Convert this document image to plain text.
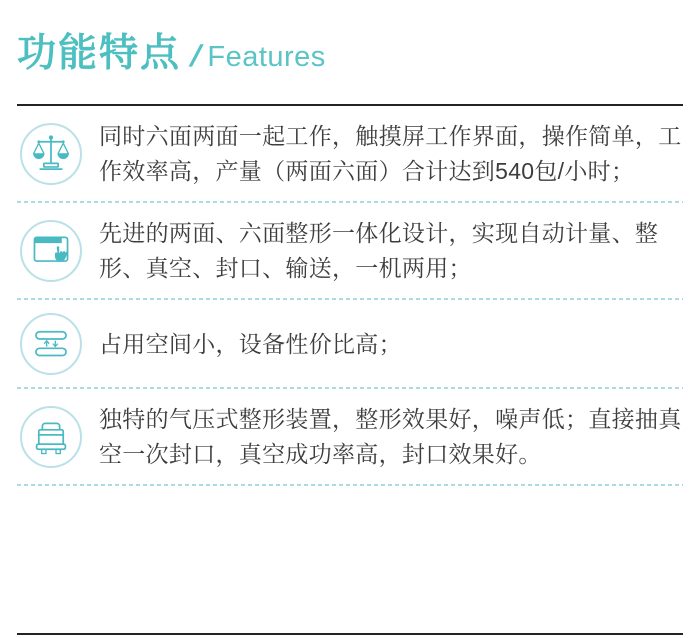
功能特点 / Features
同时六面两面一起工作，触摸屏工作界面，操作简单，工作效率高，产量（两面六面）合计达到540包/小时；
先进的两面、六面整形一体化设计，实现自动计量、整形、真空、封口、输送，一机两用；
占用空间小，设备性价比高；
独特的气压式整形装置，整形效果好，噪声低；直接抽真空一次封口，真空成功率高，封口效果好。
